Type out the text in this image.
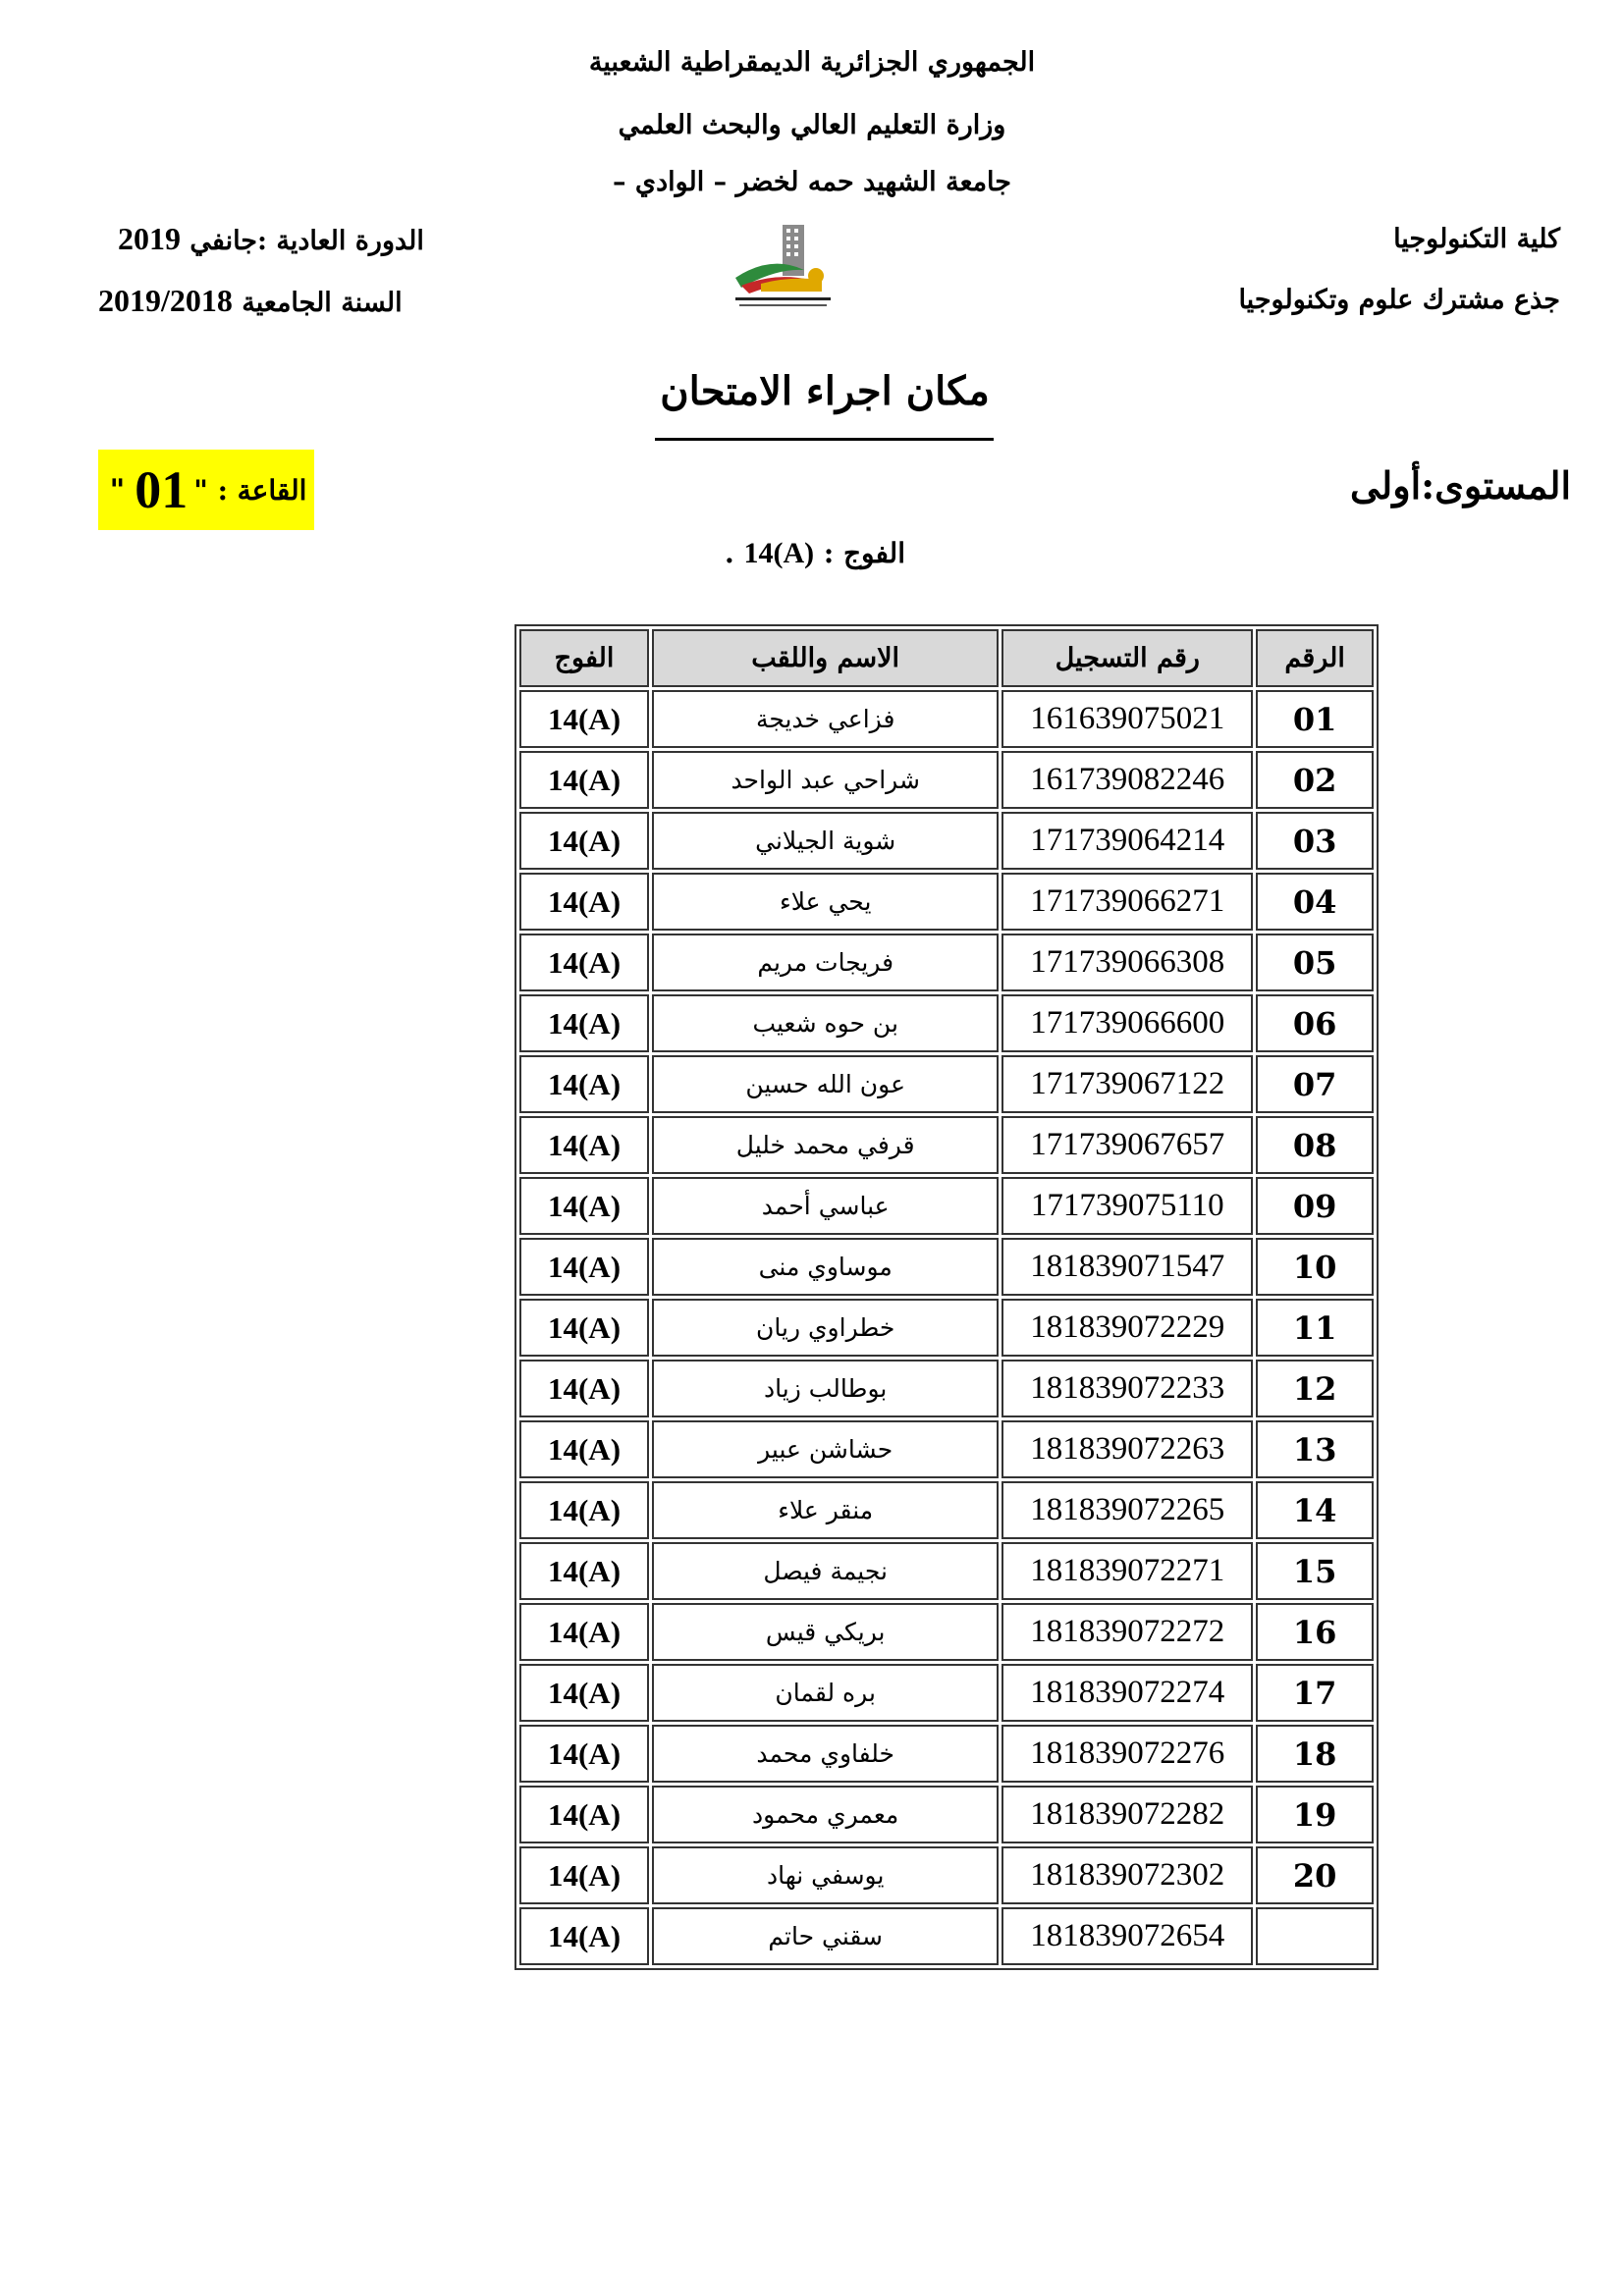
الجمهوري الجزائرية الديمقراطية الشعبية
وزارة التعليم العالي والبحث العلمي
جامعة الشهيد حمه لخضر – الوادي –
كلية التكنولوجيا
جذع مشترك علوم وتكنولوجيا
الدورة العادية :جانفي 2019
السنة الجامعية 2019/2018
مكان اجراء الامتحان
المستوى:أولى
القاعة : "
01
"
الفوج : 14(A) .
الرقم	رقم التسجيل	الاسم واللقب	الفوج
01	161639075021	فزاعي خديجة	14(A)
02	161739082246	شراحي عبد الواحد	14(A)
03	171739064214	شوية الجيلاني	14(A)
04	171739066271	يحي علاء	14(A)
05	171739066308	فريجات مريم	14(A)
06	171739066600	بن حوه شعيب	14(A)
07	171739067122	عون الله حسين	14(A)
08	171739067657	قرفي محمد خليل	14(A)
09	171739075110	عباسي أحمد	14(A)
10	181839071547	موساوي منى	14(A)
11	181839072229	خطراوي ريان	14(A)
12	181839072233	بوطالب زياد	14(A)
13	181839072263	حشاشن عبير	14(A)
14	181839072265	منقر علاء	14(A)
15	181839072271	نجيمة فيصل	14(A)
16	181839072272	بريكي قيس	14(A)
17	181839072274	بره لقمان	14(A)
18	181839072276	خلفاوي محمد	14(A)
19	181839072282	معمري محمود	14(A)
20	181839072302	يوسفي نهاد	14(A)
	181839072654	سقني حاتم	14(A)
